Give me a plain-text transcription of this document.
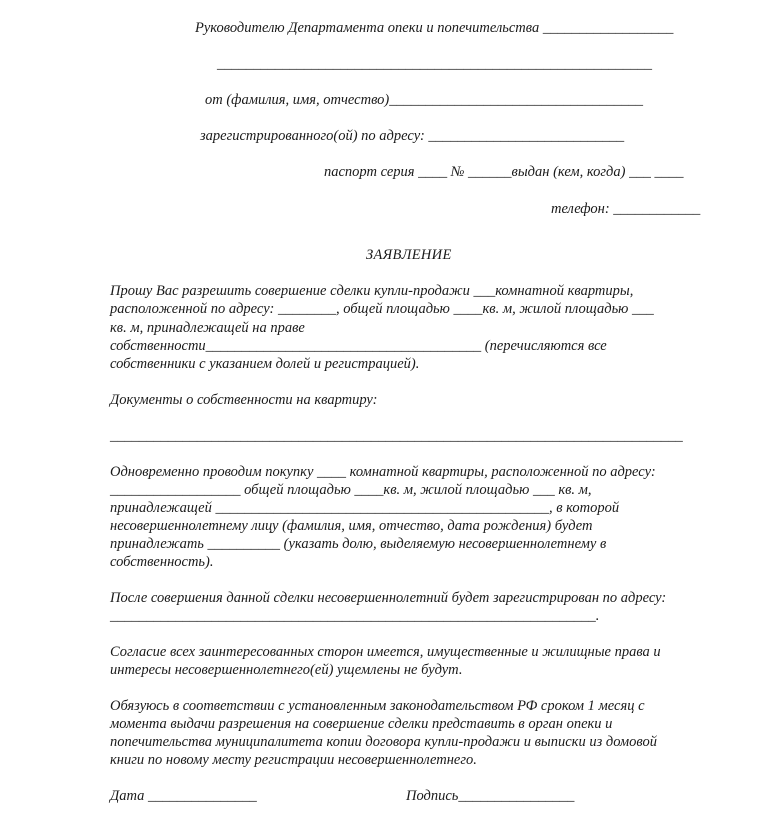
Руководителю Департамента опеки и попечительства __________________
____________________________________________________________
от (фамилия, имя, отчество)___________________________________
зарегистрированного(ой) по адресу: ___________________________
паспорт серия ____ № ______выдан (кем, когда) ___ ____
телефон: ____________
ЗАЯВЛЕНИЕ
Прошу Вас разрешить совершение сделки купли-продажи ___комнатной квартиры,
расположенной по адресу: ________, общей площадью ____кв. м, жилой площадью ___
кв. м, принадлежащей на праве
собственности______________________________________ (перечисляются все
собственники с указанием долей и регистрацией).
Документы о собственности на квартиру:
_______________________________________________________________________________
Одновременно проводим покупку ____ комнатной квартиры, расположенной по адресу:
__________________ общей площадью ____кв. м, жилой площадью ___ кв. м,
принадлежащей ______________________________________________, в которой
несовершеннолетнему лицу (фамилия, имя, отчество, дата рождения) будет
принадлежать __________ (указать долю, выделяемую несовершеннолетнему в
собственность).
После совершения данной сделки несовершеннолетний будет зарегистрирован по адресу:
___________________________________________________________________.
Согласие всех заинтересованных сторон имеется, имущественные и жилищные права и
интересы несовершеннолетнего(ей) ущемлены не будут.
Обязуюсь в соответствии с установленным законодательством РФ сроком 1 месяц с
момента выдачи разрешения на совершение сделки представить в орган опеки и
попечительства муниципалитета копии договора купли-продажи и выписки из домовой
книги по новому месту регистрации несовершеннолетнего.
Дата _______________	Подпись________________
